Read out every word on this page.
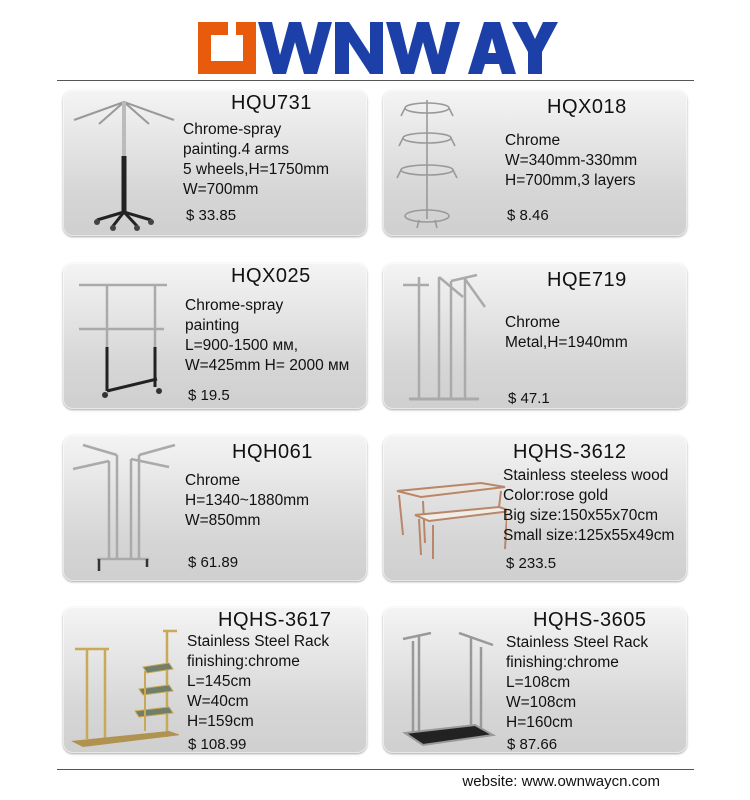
HQU731
Chrome-spray
painting.4 arms
5 wheels,H=1750mm
W=700mm
$ 33.85
HQX018
Chrome
W=340mm-330mm
H=700mm,3 layers
$ 8.46
HQX025
Chrome-spray
painting
L=900-1500 мм,
W=425mm H= 2000 мм
$ 19.5
HQE719
Chrome
Metal,H=1940mm
$ 47.1
HQH061
Chrome
H=1340~1880mm
W=850mm
$ 61.89
HQHS-3612
Stainless steeless wood
Color:rose gold
Big size:150x55x70cm
Small size:125x55x49cm
$ 233.5
HQHS-3617
Stainless Steel Rack
finishing:chrome
L=145cm
W=40cm
H=159cm
$ 108.99
HQHS-3605
Stainless Steel Rack
finishing:chrome
L=108cm
W=108cm
H=160cm
$ 87.66
website: www.ownwaycn.com
